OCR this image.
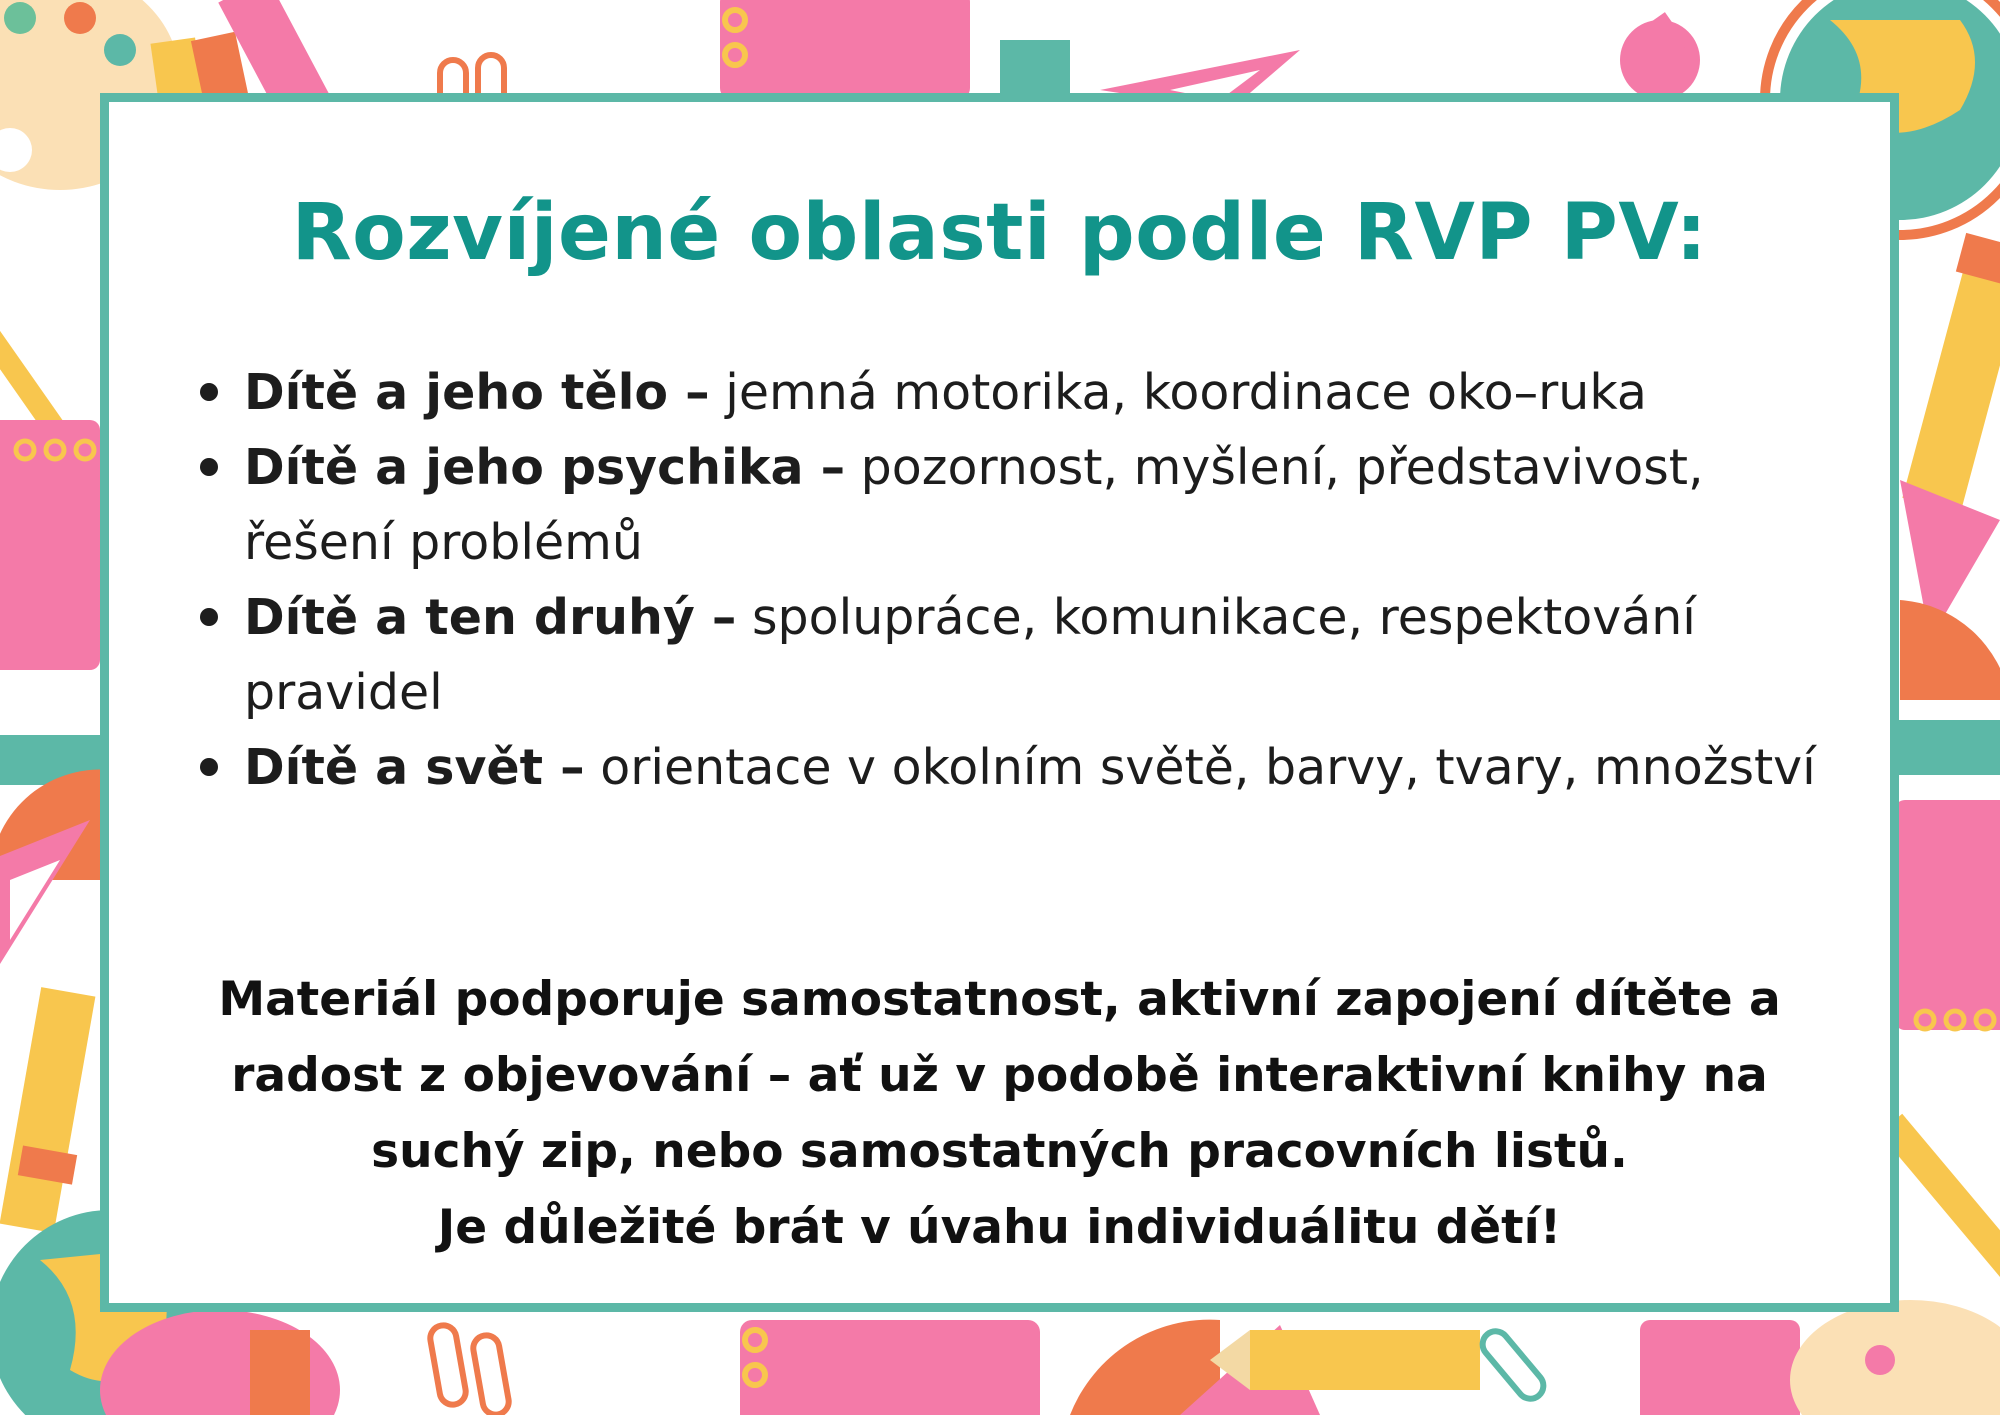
Rozvíjené oblasti podle RVP PV:
Dítě a jeho tělo – jemná motorika, koordinace oko–ruka
Dítě a jeho psychika – pozornost, myšlení, představivost, řešení problémů
Dítě a ten druhý – spolupráce, komunikace, respektování pravidel
Dítě a svět – orientace v okolním světě, barvy, tvary, množství

Materiál podporuje samostatnost, aktivní zapojení dítěte a
radost z objevování – ať už v podobě interaktivní knihy na
suchý zip, nebo samostatných pracovních listů.
Je důležité brát v úvahu individuálitu dětí!
